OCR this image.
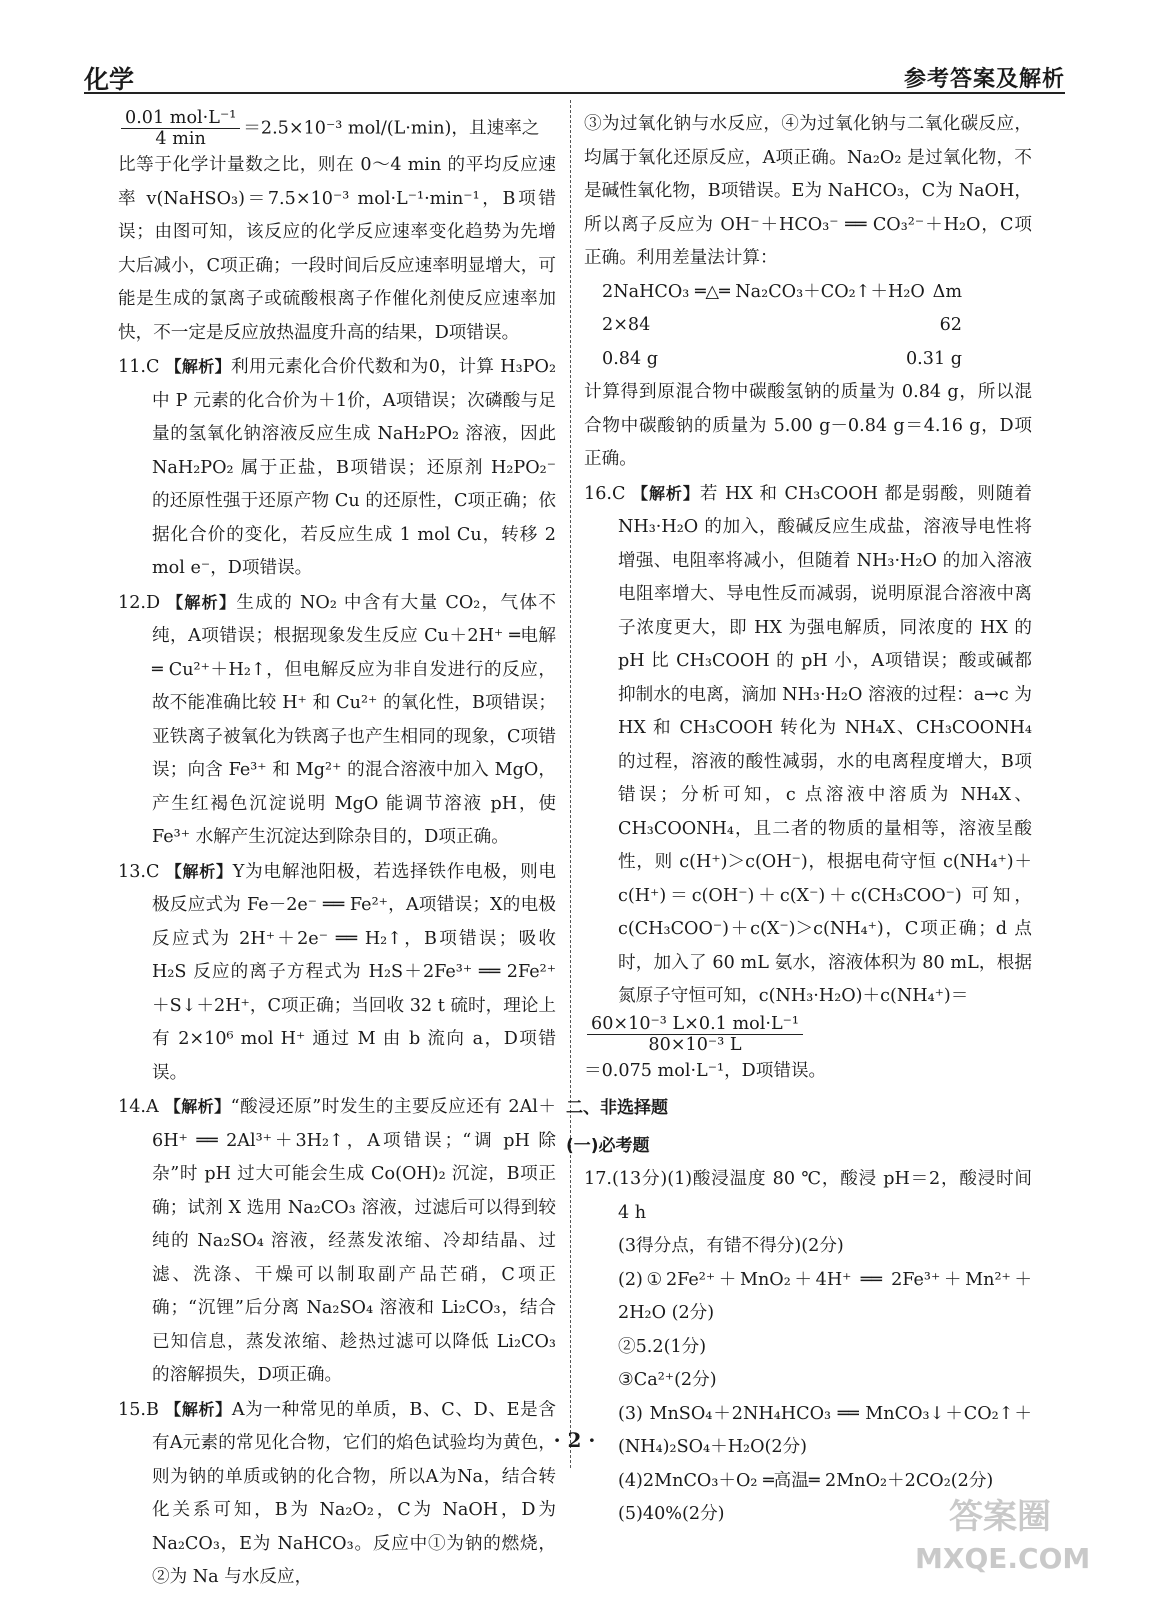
化学	参考答案及解析

$\frac{\text{0.01 mol·L⁻¹}}{4 \min} =2.5\times 10^{-3}$ mol/(L·min)，且速率之

比等于化学计量数之比，则在 0～4 min 的平均反应速率 v(NaHSO₃)＝7.5×10⁻³ mol·L⁻¹·min⁻¹，B项错误；由图可知，该反应的化学反应速率变化趋势为先增大后减小，C项正确；一段时间后反应速率明显增大，可能是生成的氯离子或硫酸根离子作催化剂使反应速率加快，不一定是反应放热温度升高的结果，D项错误。

11.C 【解析】利用元素化合价代数和为0，计算 H₃PO₂ 中 P 元素的化合价为＋1价，A项错误；次磷酸与足量的氢氧化钠溶液反应生成 NaH₂PO₂ 溶液，因此 NaH₂PO₂ 属于正盐，B项错误；还原剂 H₂PO₂⁻ 的还原性强于还原产物 Cu 的还原性，C项正确；依据化合价的变化，若反应生成 1 mol Cu，转移 2 mol e⁻，D项错误。

12.D 【解析】生成的 NO₂ 中含有大量 CO₂，气体不纯，A项错误；根据现象发生反应 Cu＋2H⁺ ═电解═ Cu²⁺＋H₂↑，但电解反应为非自发进行的反应，故不能准确比较 H⁺ 和 Cu²⁺ 的氧化性，B项错误；亚铁离子被氧化为铁离子也产生相同的现象，C项错误；向含 Fe³⁺ 和 Mg²⁺ 的混合溶液中加入 MgO，产生红褐色沉淀说明 MgO 能调节溶液 pH，使 Fe³⁺ 水解产生沉淀达到除杂目的，D项正确。

13.C 【解析】Y为电解池阳极，若选择铁作电极，则电极反应式为 Fe－2e⁻ ══ Fe²⁺，A项错误；X的电极反应式为 2H⁺＋2e⁻ ══ H₂↑，B项错误；吸收 H₂S 反应的离子方程式为 H₂S＋2Fe³⁺ ══ 2Fe²⁺＋S↓＋2H⁺，C项正确；当回收 32 t 硫时，理论上有 2×10⁶ mol H⁺ 通过 M 由 b 流向 a，D项错误。

14.A 【解析】“酸浸还原”时发生的主要反应还有 2Al＋6H⁺ ══ 2Al³⁺＋3H₂↑，A项错误；“调 pH 除杂”时 pH 过大可能会生成 Co(OH)₂ 沉淀，B项正确；试剂 X 选用 Na₂CO₃ 溶液，过滤后可以得到较纯的 Na₂SO₄ 溶液，经蒸发浓缩、冷却结晶、过滤、洗涤、干燥可以制取副产品芒硝，C项正确；“沉锂”后分离 Na₂SO₄ 溶液和 Li₂CO₃，结合已知信息，蒸发浓缩、趁热过滤可以降低 Li₂CO₃ 的溶解损失，D项正确。

15.B 【解析】A为一种常见的单质，B、C、D、E是含有A元素的常见化合物，它们的焰色试验均为黄色，则为钠的单质或钠的化合物，所以A为Na，结合转化关系可知，B为 Na₂O₂，C为 NaOH，D为 Na₂CO₃，E为 NaHCO₃。反应中①为钠的燃烧，②为 Na 与水反应，

③为过氧化钠与水反应，④为过氧化钠与二氧化碳反应，均属于氧化还原反应，A项正确。Na₂O₂ 是过氧化物，不是碱性氧化物，B项错误。E为 NaHCO₃，C为 NaOH，所以离子反应为 OH⁻＋HCO₃⁻ ══ CO₃²⁻＋H₂O，C项正确。利用差量法计算：

2NaHCO₃ ═△═ Na₂CO₃＋CO₂↑＋H₂O Δm
2×84	62
0.84 g	0.31 g

计算得到原混合物中碳酸氢钠的质量为 0.84 g，所以混合物中碳酸钠的质量为 5.00 g－0.84 g＝4.16 g，D项正确。

16.C 【解析】若 HX 和 CH₃COOH 都是弱酸，则随着 NH₃·H₂O 的加入，酸碱反应生成盐，溶液导电性将增强、电阻率将减小，但随着 NH₃·H₂O 的加入溶液电阻率增大、导电性反而减弱，说明原混合溶液中离子浓度更大，即 HX 为强电解质，同浓度的 HX 的 pH 比 CH₃COOH 的 pH 小，A项错误；酸或碱都抑制水的电离，滴加 NH₃·H₂O 溶液的过程：a→c 为 HX 和 CH₃COOH 转化为 NH₄X、CH₃COONH₄ 的过程，溶液的酸性减弱，水的电离程度增大，B项错误；分析可知，c 点溶液中溶质为 NH₄X、CH₃COONH₄，且二者的物质的量相等，溶液呈酸性，则 c(H⁺)＞c(OH⁻)，根据电荷守恒 c(NH₄⁺)＋c(H⁺)＝c(OH⁻)＋c(X⁻)＋c(CH₃COO⁻) 可知，c(CH₃COO⁻)＋c(X⁻)＞c(NH₄⁺)，C项正确；d 点时，加入了 60 mL 氨水，溶液体积为 80 mL，根据氮原子守恒可知，c(NH₃·H₂O)＋c(NH₄⁺)＝

$\frac{\text{60×10⁻³ L×0.1 mol·L⁻¹}}{\text{80×10⁻³ L}}$

＝0.075 mol·L⁻¹，D项错误。

二、非选择题

(一)必考题

17.(13分)(1)酸浸温度 80 ℃，酸浸 pH＝2，酸浸时间 4 h

(3得分点，有错不得分)(2分)

(2)①2Fe²⁺＋MnO₂＋4H⁺ ══ 2Fe³⁺＋Mn²⁺＋2H₂O (2分)

②5.2(1分)

③Ca²⁺(2分)

(3) MnSO₄＋2NH₄HCO₃ ══ MnCO₃↓＋CO₂↑＋(NH₄)₂SO₄＋H₂O(2分)

(4)2MnCO₃＋O₂ ═高温═ 2MnO₂＋2CO₂(2分)

(5)40%(2分)

· 2 ·
答案圈
MXQE.COM
